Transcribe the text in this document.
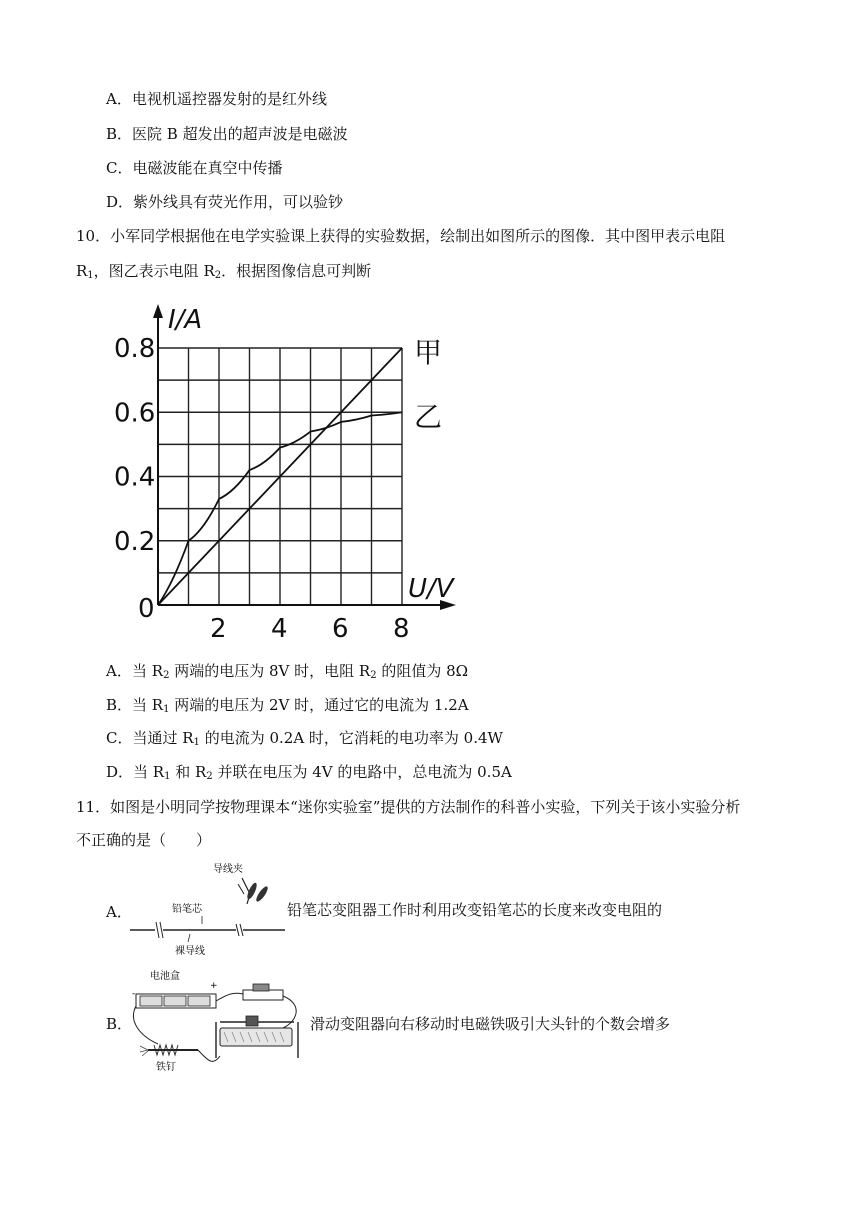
A．电视机遥控器发射的是红外线
B．医院 B 超发出的超声波是电磁波
C．电磁波能在真空中传播
D．紫外线具有荧光作用，可以验钞
10．小军同学根据他在电学实验课上获得的实验数据，绘制出如图所示的图像．其中图甲表示电阻
$R_1$，图乙表示电阻 $R_2$．根据图像信息可判断
甲
乙
2 4 6 8
0.2
0.4
0.6
0.8
0
I/A
U/V
A．当 $R_2$ 两端的电压为 8V 时，电阻 $R_2$ 的阻值为 8Ω
B．当 $R_1$ 两端的电压为 2V 时，通过它的电流为 1.2A
C．当通过 $R_1$ 的电流为 0.2A 时，它消耗的电功率为 0.4W
D．当 $R_1$ 和 $R_2$ 并联在电压为 4V 的电路中，总电流为 0.5A
11．如图是小明同学按物理课本“迷你实验室”提供的方法制作的科普小实验，下列关于该小实验分析
不正确的是（　　）
A．
导线夹
铅笔芯
裸导线
铅笔芯变阻器工作时利用改变铅笔芯的长度来改变电阻的
B．
电池盒
-
+
铁钉
滑动变阻器向右移动时电磁铁吸引大头针的个数会增多
